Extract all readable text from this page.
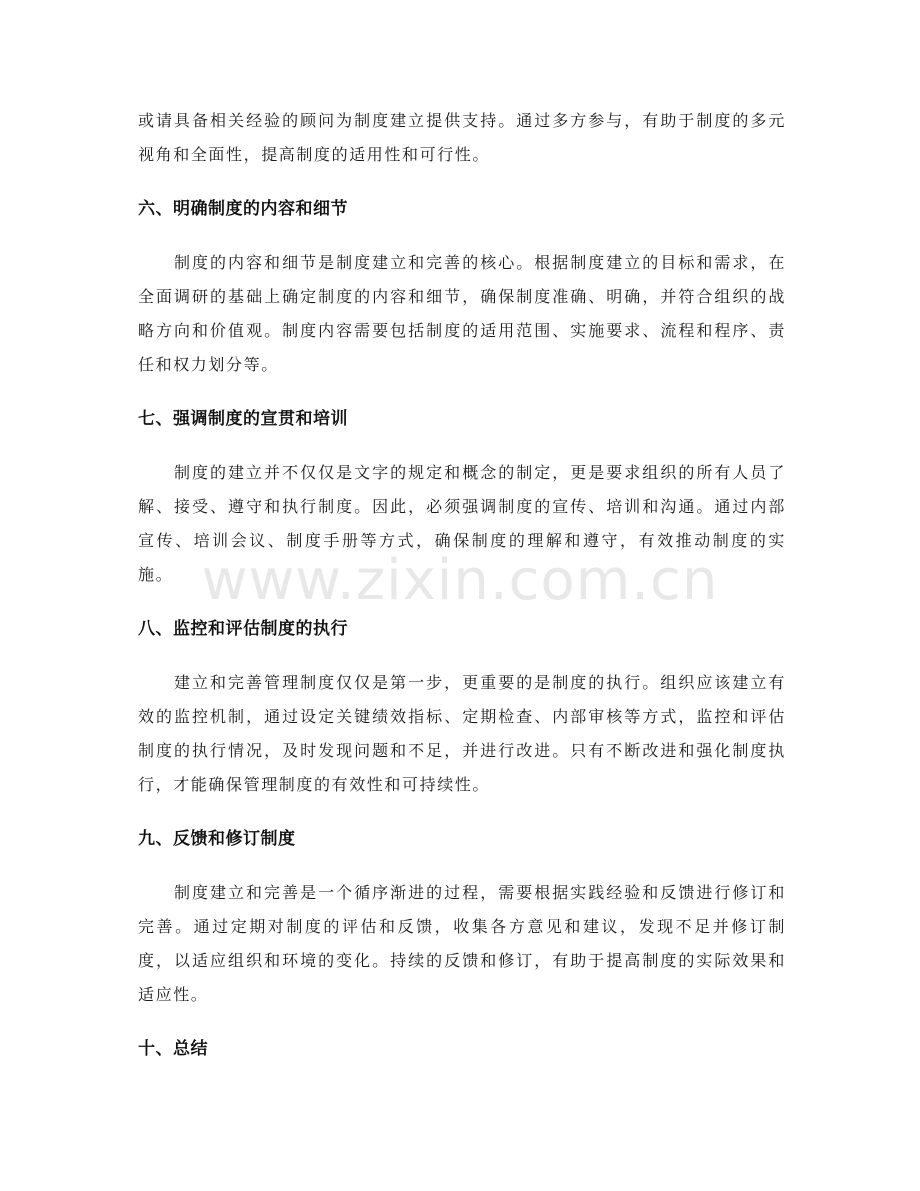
或请具备相关经验的顾问为制度建立提供支持。通过多方参与，有助于制度的多元视角和全面性，提高制度的适用性和可行性。

六、明确制度的内容和细节

制度的内容和细节是制度建立和完善的核心。根据制度建立的目标和需求，在全面调研的基础上确定制度的内容和细节，确保制度准确、明确，并符合组织的战略方向和价值观。制度内容需要包括制度的适用范围、实施要求、流程和程序、责任和权力划分等。

七、强调制度的宣贯和培训

制度的建立并不仅仅是文字的规定和概念的制定，更是要求组织的所有人员了解、接受、遵守和执行制度。因此，必须强调制度的宣传、培训和沟通。通过内部宣传、培训会议、制度手册等方式，确保制度的理解和遵守，有效推动制度的实施。

八、监控和评估制度的执行

建立和完善管理制度仅仅是第一步，更重要的是制度的执行。组织应该建立有效的监控机制，通过设定关键绩效指标、定期检查、内部审核等方式，监控和评估制度的执行情况，及时发现问题和不足，并进行改进。只有不断改进和强化制度执行，才能确保管理制度的有效性和可持续性。

九、反馈和修订制度

制度建立和完善是一个循序渐进的过程，需要根据实践经验和反馈进行修订和完善。通过定期对制度的评估和反馈，收集各方意见和建议，发现不足并修订制度，以适应组织和环境的变化。持续的反馈和修订，有助于提高制度的实际效果和适应性。

十、总结
www.zixin.com.cn
